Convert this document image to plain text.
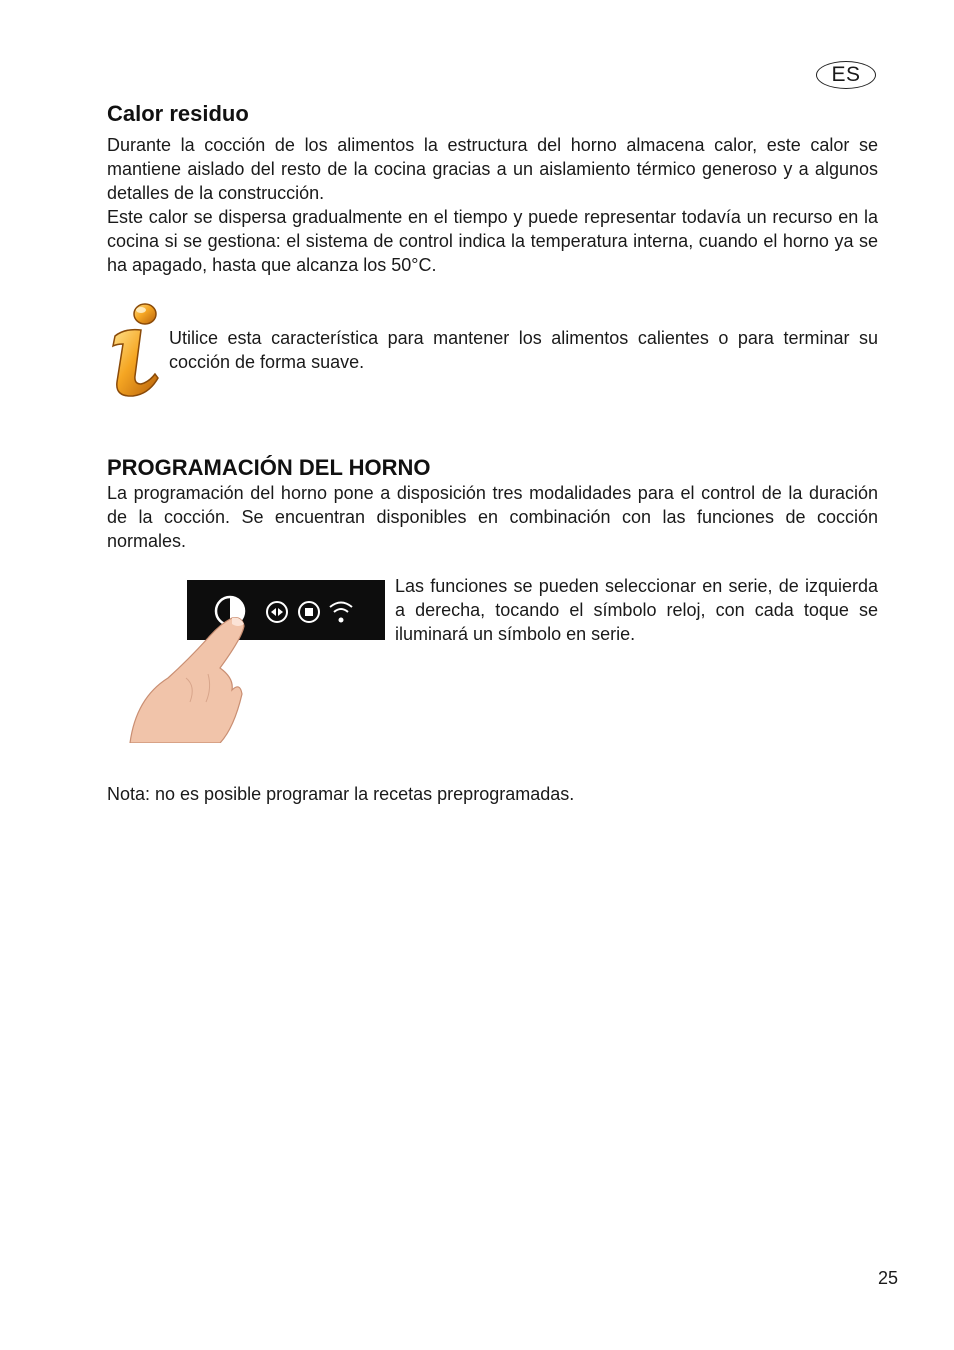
ES
Calor residuo
Durante la cocción de los alimentos la estructura del horno almacena calor, este calor se mantiene aislado del resto de la cocina gracias a un aislamiento térmico generoso y a algunos detalles de la construcción.
Este calor se dispersa gradualmente en el tiempo y puede representar todavía un recurso en la cocina si se gestiona: el sistema de control indica la temperatura interna, cuando el horno ya se ha apagado, hasta que alcanza los 50°C.

Utilice esta característica para mantener los alimentos calientes o para terminar su cocción de forma suave.

PROGRAMACIÓN DEL HORNO

La programación del horno pone a disposición tres modalidades para el control de la duración de la cocción. Se encuentran disponibles en combinación con las funciones de cocción normales.

Las funciones se pueden seleccionar en serie, de izquierda a derecha, tocando el símbolo reloj, con cada toque se iluminará un símbolo en serie.

Nota: no es posible programar la recetas preprogramadas.

25
